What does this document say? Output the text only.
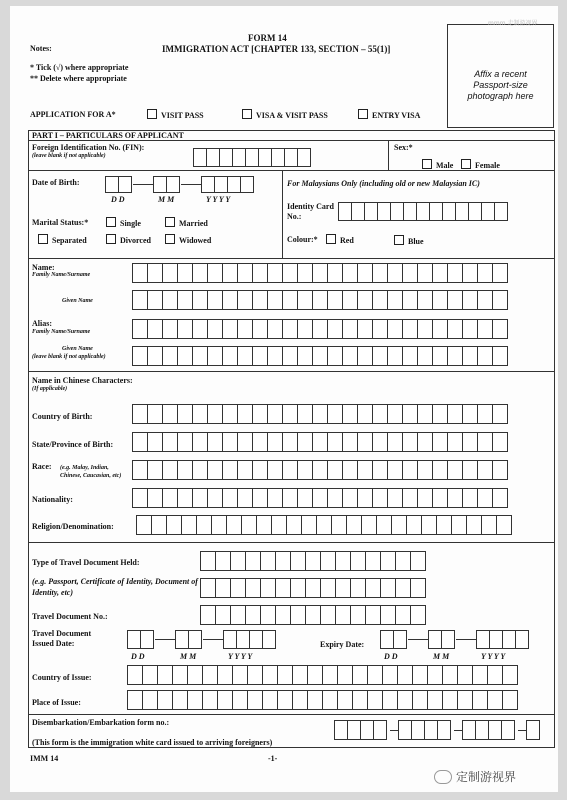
Notes:
FORM 14
IMMIGRATION ACT [CHAPTER 133, SECTION – 55(1)]
* Tick (√) where appropriate
** Delete where appropriate	Affix a recent Passport-size photograph here
mmm 走制游视界
APPLICATION FOR A*	VISIT PASS	VISA & VISIT PASS	ENTRY VISA
PART I – PARTICULARS OF APPLICANT
Foreign Identification No. (FIN):
(leave blank if not applicable)
Sex:*
Male	Female
Date of Birth:
D D	M M	Y Y Y Y
For Malaysians Only (including old or new Malaysian IC)
Identity Card No.:
Marital Status:*	Single	Married
Separated	Divorced	Widowed	Colour:*	Red	Blue
Name:
Family Name/Surname
Given Name
Alias:
Family Name/Surname
Given Name
(leave blank if not applicable)
Name in Chinese Characters:
(If applicable)
Country of Birth:
State/Province of Birth:
Race: (e.g. Malay, Indian, Chinese, Caucasian, etc)
Nationality:
Religion/Denomination:
Type of Travel Document Held:
(e.g. Passport, Certificate of Identity, Document of Identity, etc)
Travel Document No.:
Travel Document Issued Date:
D D	M M	Y Y Y Y
Expiry Date:
D D	M M	Y Y Y Y
Country of Issue:
Place of Issue:
Disembarkation/Embarkation form no.:
(This form is the immigration white card issued to arriving foreigners)
IMM 14	-1-
定制游视界
